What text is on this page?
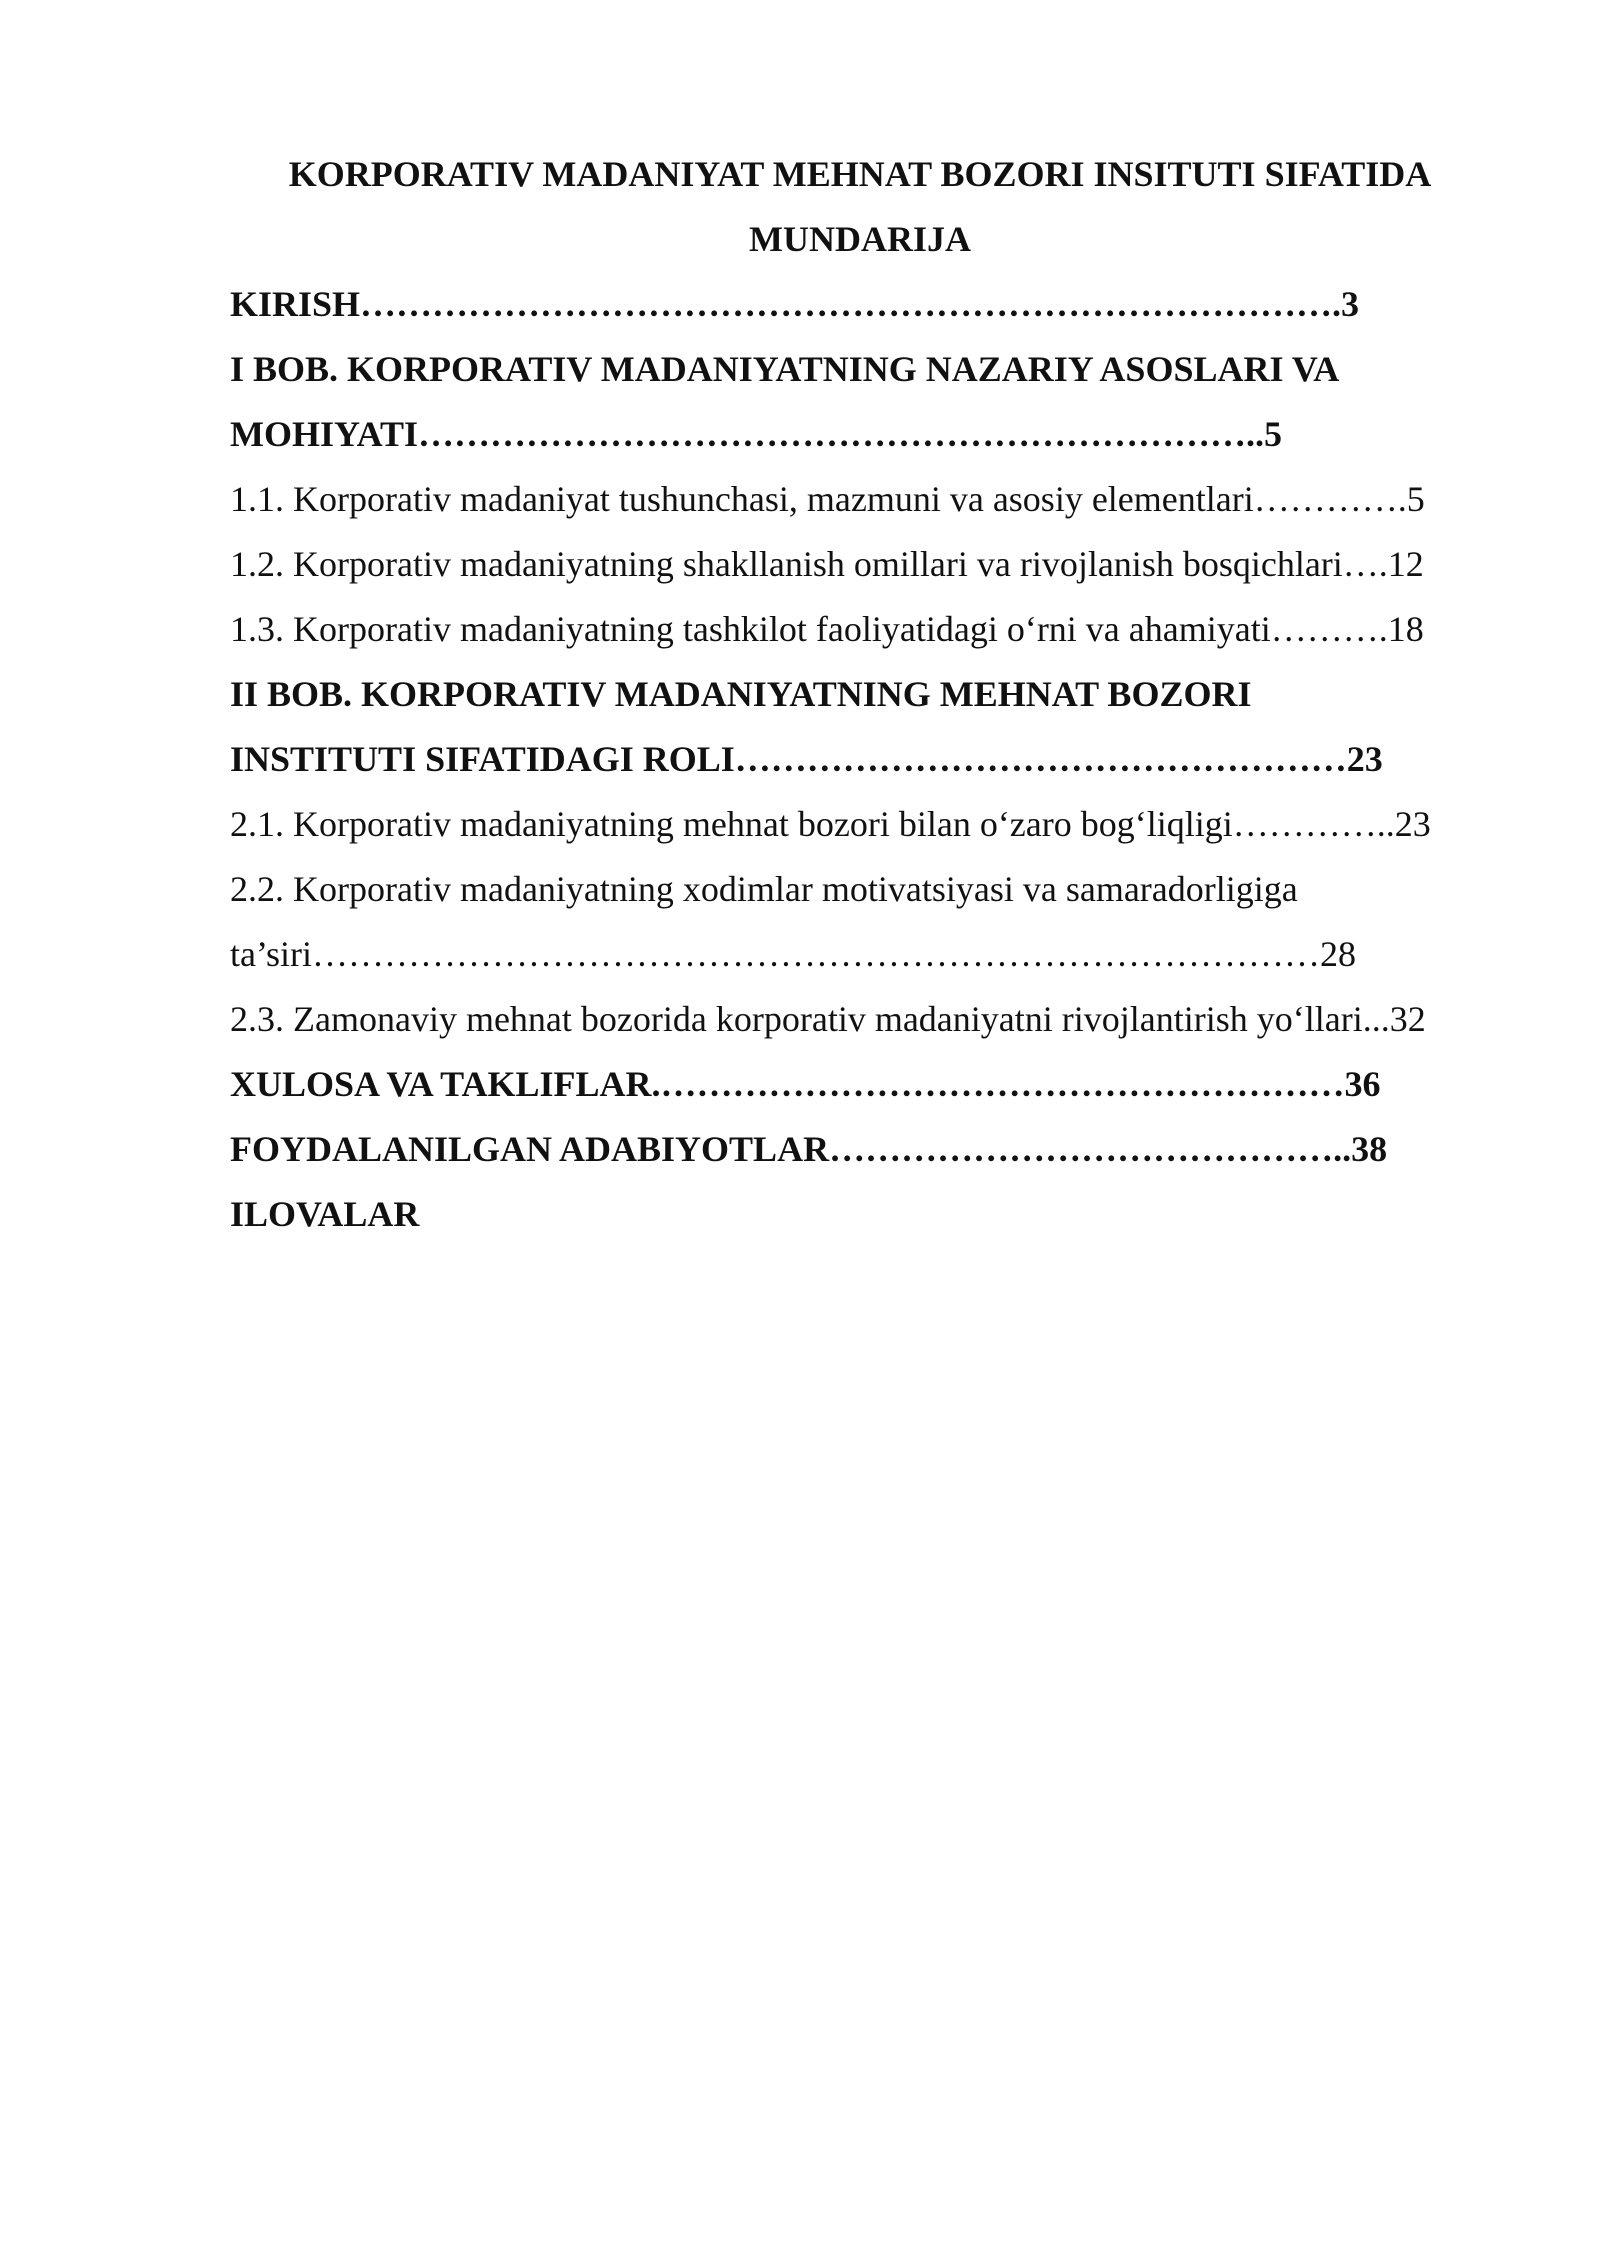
KORPORATIV MADANIYAT MEHNAT BOZORI INSITUTI SIFATIDA
MUNDARIJA
KIRISH……………………………………………………………………….3
I BOB. KORPORATIV MADANIYATNING NAZARIY ASOSLARI VA
MOHIYATI……………………………………………………………..5
1.1. Korporativ madaniyat tushunchasi, mazmuni va asosiy elementlari………….5
1.2. Korporativ madaniyatning shakllanish omillari va rivojlanish bosqichlari….12
1.3. Korporativ madaniyatning tashkilot faoliyatidagi o‘rni va ahamiyati……….18
II BOB. KORPORATIV MADANIYATNING MEHNAT BOZORI
INSTITUTI SIFATIDAGI ROLI……………………………………………23
2.1. Korporativ madaniyatning mehnat bozori bilan o‘zaro bog‘liqligi…………..23
2.2. Korporativ madaniyatning xodimlar motivatsiyasi va samaradorligiga
ta’siri…………………………………………………………………………28
2.3. Zamonaviy mehnat bozorida korporativ madaniyatni rivojlantirish yo‘llari...32
XULOSA VA TAKLIFLAR.…………………………………………………36
FOYDALANILGAN ADABIYOTLAR……………………………………..38
ILOVALAR
